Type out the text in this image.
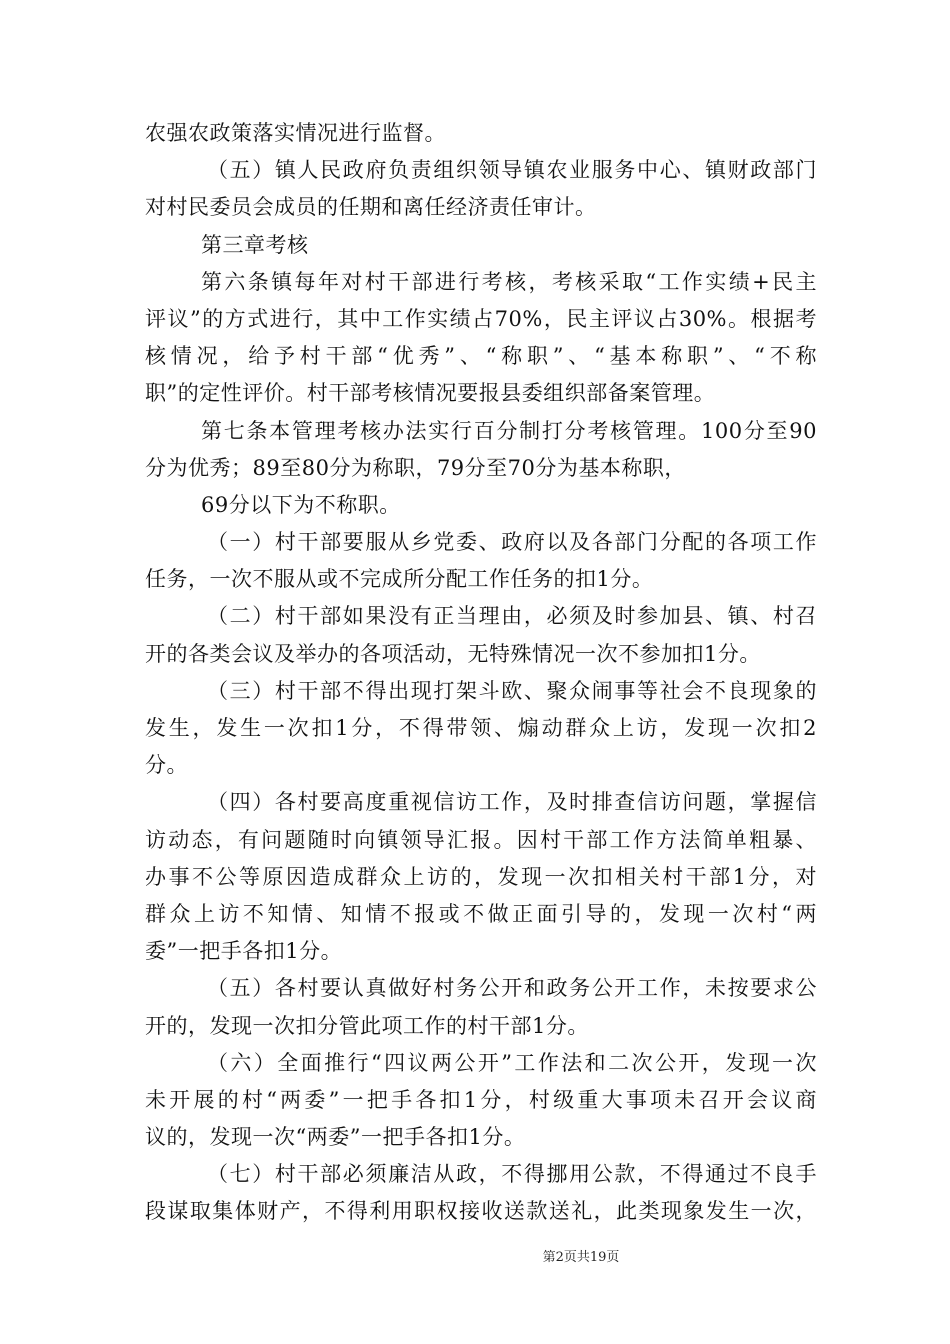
农强农政策落实情况进行监督。
（五）镇人民政府负责组织领导镇农业服务中心、镇财政部门
对村民委员会成员的任期和离任经济责任审计。
第三章考核
第六条镇每年对村干部进行考核，考核采取“工作实绩+民主
评议”的方式进行，其中工作实绩占70%，民主评议占30%。根据考
核情况，给予村干部“优秀”、“称职”、“基本称职”、“不称
职”的定性评价。村干部考核情况要报县委组织部备案管理。
第七条本管理考核办法实行百分制打分考核管理。100分至90
分为优秀；89至80分为称职，79分至70分为基本称职，
69分以下为不称职。
（一）村干部要服从乡党委、政府以及各部门分配的各项工作
任务，一次不服从或不完成所分配工作任务的扣1分。
（二）村干部如果没有正当理由，必须及时参加县、镇、村召
开的各类会议及举办的各项活动，无特殊情况一次不参加扣1分。
（三）村干部不得出现打架斗欧、聚众闹事等社会不良现象的
发生，发生一次扣1分，不得带领、煽动群众上访，发现一次扣2
分。
（四）各村要高度重视信访工作，及时排查信访问题，掌握信
访动态，有问题随时向镇领导汇报。因村干部工作方法简单粗暴、
办事不公等原因造成群众上访的，发现一次扣相关村干部1分，对
群众上访不知情、知情不报或不做正面引导的，发现一次村“两
委”一把手各扣1分。
（五）各村要认真做好村务公开和政务公开工作，未按要求公
开的，发现一次扣分管此项工作的村干部1分。
（六）全面推行“四议两公开”工作法和二次公开，发现一次
未开展的村“两委”一把手各扣1分，村级重大事项未召开会议商
议的，发现一次“两委”一把手各扣1分。
（七）村干部必须廉洁从政，不得挪用公款，不得通过不良手
段谋取集体财产，不得利用职权接收送款送礼，此类现象发生一次，
第2页共19页
